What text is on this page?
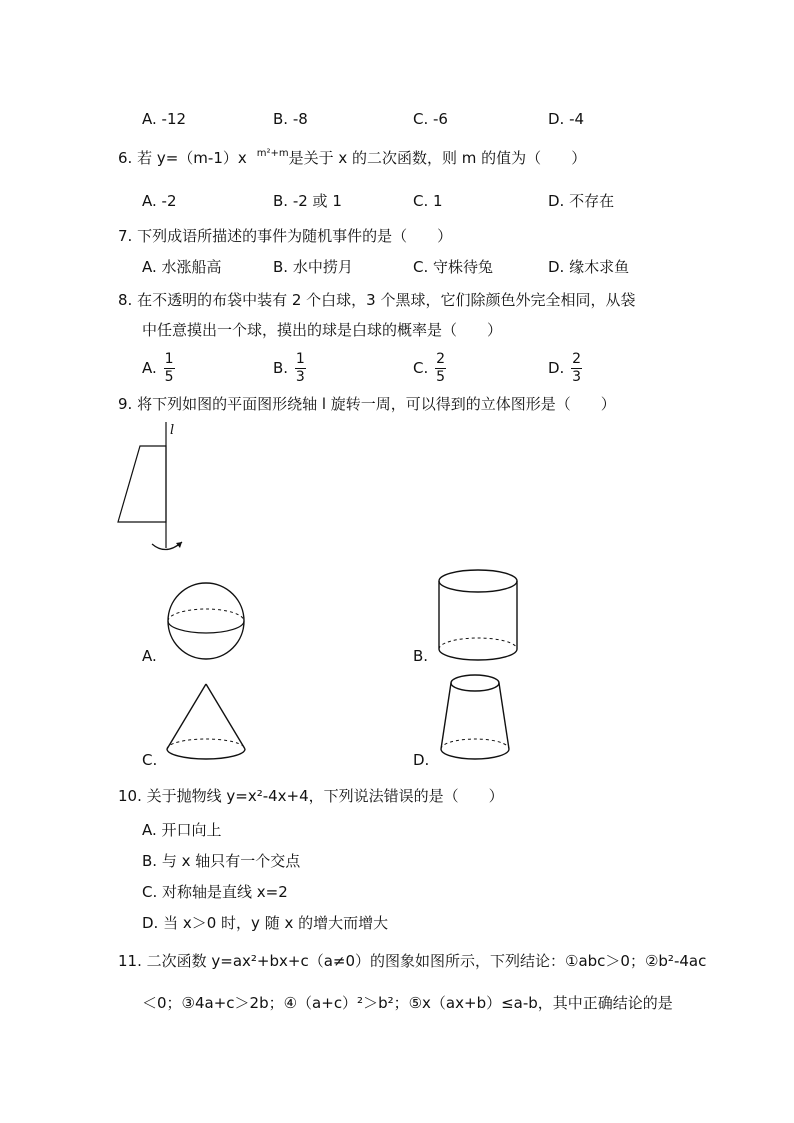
A. -12	B. -8	C. -6	D. -4
6. 若 y=（m-1）x $^{m^2+m}$是关于 x 的二次函数，则 m 的值为（　　）
A. -2	B. -2 或 1	C. 1	D. 不存在
7. 下列成语所描述的事件为随机事件的是（　　）
A. 水涨船高	B. 水中捞月	C. 守株待兔	D. 缘木求鱼
8. 在不透明的布袋中装有 2 个白球，3 个黑球，它们除颜色外完全相同，从袋
中任意摸出一个球，摸出的球是白球的概率是（　　）
A. $\frac{1}{5}$	B. $\frac{1}{3}$	C. $\frac{2}{5}$	D. $\frac{2}{3}$
9. 将下列如图的平面图形绕轴 l 旋转一周，可以得到的立体图形是（　　）
l
A.	B.
C.	D.
10. 关于抛物线 y=x²-4x+4，下列说法错误的是（　　）
A. 开口向上
B. 与 x 轴只有一个交点
C. 对称轴是直线 x=2
D. 当 x＞0 时，y 随 x 的增大而增大
11. 二次函数 y=ax²+bx+c（a≠0）的图象如图所示，下列结论：①abc＞0；②b²-4ac
＜0；③4a+c＞2b；④（a+c）²＞b²；⑤x（ax+b）≤a-b，其中正确结论的是
